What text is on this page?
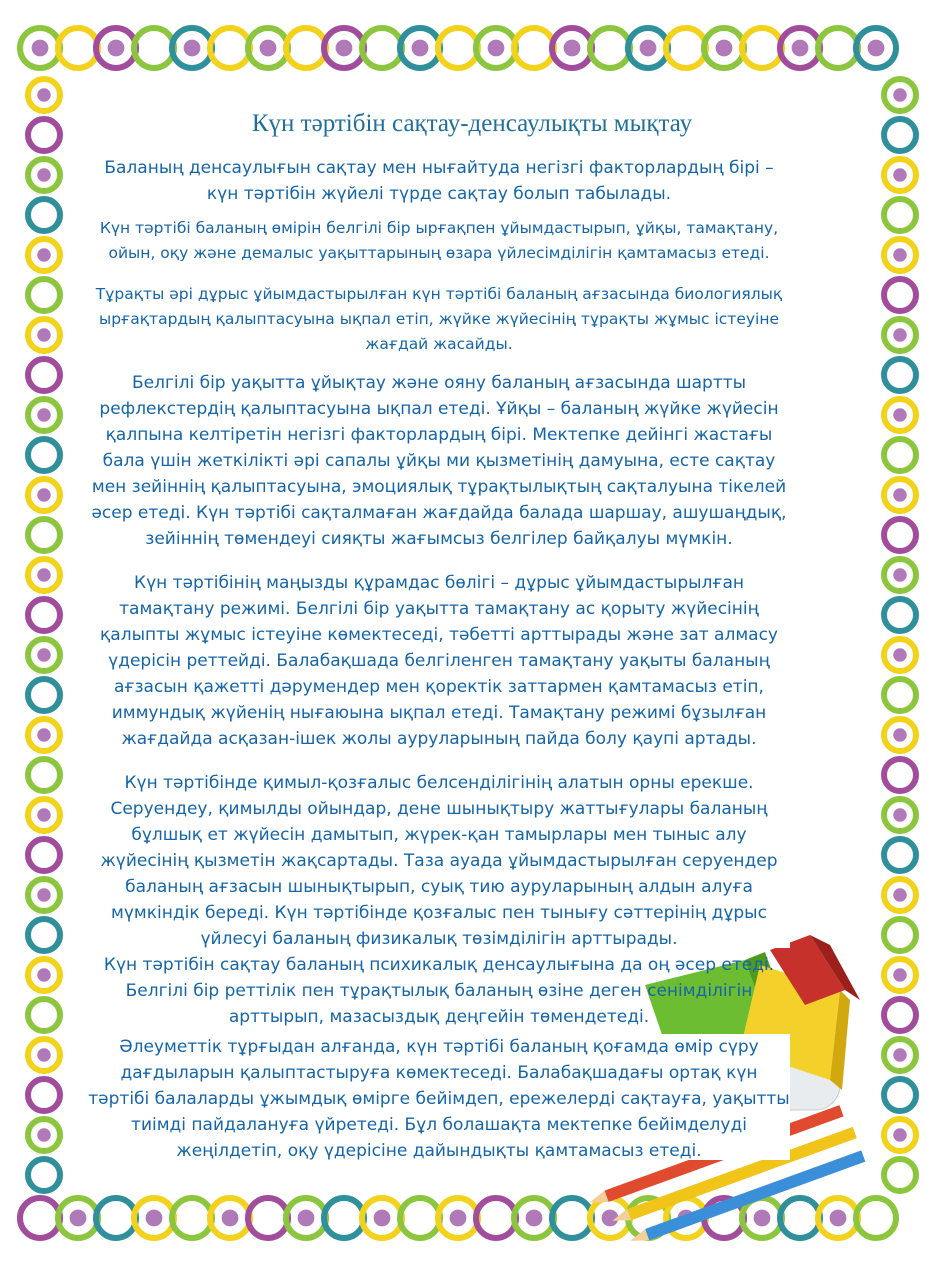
Күн тәртібін сақтау-денсаулықты мықтау
Баланың денсаулығын сақтау мен нығайтуда негізгі факторлардың бірі – күн тәртібін жүйелі түрде сақтау болып табылады.
Күн тәртібі баланың өмірін белгілі бір ырғақпен ұйымдастырып, ұйқы, тамақтану, ойын, оқу және демалыс уақыттарының өзара үйлесімділігін қамтамасыз етеді.
Тұрақты әрі дұрыс ұйымдастырылған күн тәртібі баланың ағзасында биологиялық ырғақтардың қалыптасуына ықпал етіп, жүйке жүйесінің тұрақты жұмыс істеуіне жағдай жасайды.

Белгілі бір уақытта ұйықтау және ояну баланың ағзасында шартты рефлекстердің қалыптасуына ықпал етеді. Ұйқы – баланың жүйке жүйесін қалпына келтіретін негізгі факторлардың бірі. Мектепке дейінгі жастағы бала үшін жеткілікті әрі сапалы ұйқы ми қызметінің дамуына, есте сақтау мен зейіннің қалыптасуына, эмоциялық тұрақтылықтың сақталуына тікелей әсер етеді. Күн тәртібі сақталмаған жағдайда балада шаршау, ашушаңдық, зейіннің төмендеуі сияқты жағымсыз белгілер байқалуы мүмкін.

Күн тәртібінің маңызды құрамдас бөлігі – дұрыс ұйымдастырылған тамақтану режимі. Белгілі бір уақытта тамақтану ас қорыту жүйесінің қалыпты жұмыс істеуіне көмектеседі, тәбетті арттырады және зат алмасу үдерісін реттейді. Балабақшада белгіленген тамақтану уақыты баланың ағзасын қажетті дәрумендер мен қоректік заттармен қамтамасыз етіп, иммундық жүйенің нығаюына ықпал етеді. Тамақтану режимі бұзылған жағдайда асқазан-ішек жолы ауруларының пайда болу қаупі артады.

Күн тәртібінде қимыл-қозғалыс белсенділігінің алатын орны ерекше. Серуендеу, қимылды ойындар, дене шынықтыру жаттығулары баланың бұлшық ет жүйесін дамытып, жүрек-қан тамырлары мен тыныс алу жүйесінің қызметін жақсартады. Таза ауада ұйымдастырылған серуендер баланың ағзасын шынықтырып, суық тию ауруларының алдын алуға мүмкіндік береді. Күн тәртібінде қозғалыс пен тынығу сәттерінің дұрыс үйлесуі баланың физикалық төзімділігін арттырады.
Күн тәртібін сақтау баланың психикалық денсаулығына да оң әсер етеді. Белгілі бір реттілік пен тұрақтылық баланың өзіне деген сенімділігін арттырып, мазасыздық деңгейін төмендетеді.
Әлеуметтік тұрғыдан алғанда, күн тәртібі баланың қоғамда өмір сүру дағдыларын қалыптастыруға көмектеседі. Балабақшадағы ортақ күн тәртібі балаларды ұжымдық өмірге бейімдеп, ережелерді сақтауға, уақытты тиімді пайдалануға үйретеді. Бұл болашақта мектепке бейімделуді жеңілдетіп, оқу үдерісіне дайындықты қамтамасыз етеді.
